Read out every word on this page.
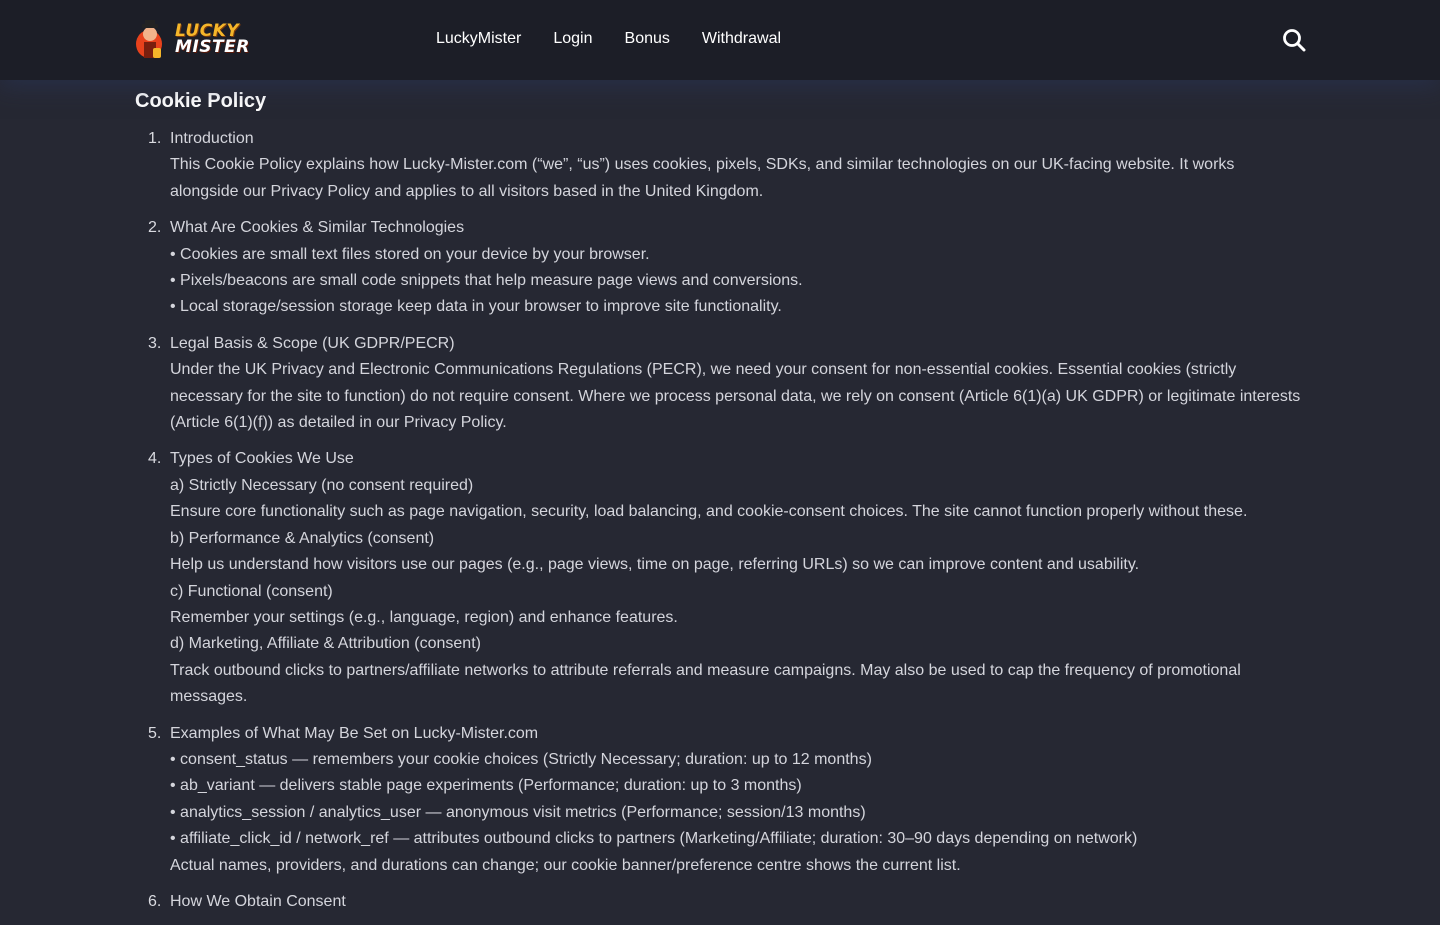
LUCKY
MISTER	LuckyMister Login Bonus Withdrawal
Cookie Policy
1. Introduction

This Cookie Policy explains how Lucky-Mister.com (“we”, “us”) uses cookies, pixels, SDKs, and similar technologies on our UK-facing website. It works alongside our Privacy Policy and applies to all visitors based in the United Kingdom.

2. What Are Cookies & Similar Technologies

• Cookies are small text files stored on your device by your browser.

• Pixels/beacons are small code snippets that help measure page views and conversions.

• Local storage/session storage keep data in your browser to improve site functionality.

3. Legal Basis & Scope (UK GDPR/PECR)

Under the UK Privacy and Electronic Communications Regulations (PECR), we need your consent for non-essential cookies. Essential cookies (strictly necessary for the site to function) do not require consent. Where we process personal data, we rely on consent (Article 6(1)(a) UK GDPR) or legitimate interests (Article 6(1)(f)) as detailed in our Privacy Policy.

4. Types of Cookies We Use

a) Strictly Necessary (no consent required)

Ensure core functionality such as page navigation, security, load balancing, and cookie-consent choices. The site cannot function properly without these.

b) Performance & Analytics (consent)

Help us understand how visitors use our pages (e.g., page views, time on page, referring URLs) so we can improve content and usability.

c) Functional (consent)

Remember your settings (e.g., language, region) and enhance features.

d) Marketing, Affiliate & Attribution (consent)

Track outbound clicks to partners/affiliate networks to attribute referrals and measure campaigns. May also be used to cap the frequency of promotional messages.

5. Examples of What May Be Set on Lucky-Mister.com

• consent_status — remembers your cookie choices (Strictly Necessary; duration: up to 12 months)

• ab_variant — delivers stable page experiments (Performance; duration: up to 3 months)

• analytics_session / analytics_user — anonymous visit metrics (Performance; session/13 months)

• affiliate_click_id / network_ref — attributes outbound clicks to partners (Marketing/Affiliate; duration: 30–90 days depending on network)

Actual names, providers, and durations can change; our cookie banner/preference centre shows the current list.

6. How We Obtain Consent
